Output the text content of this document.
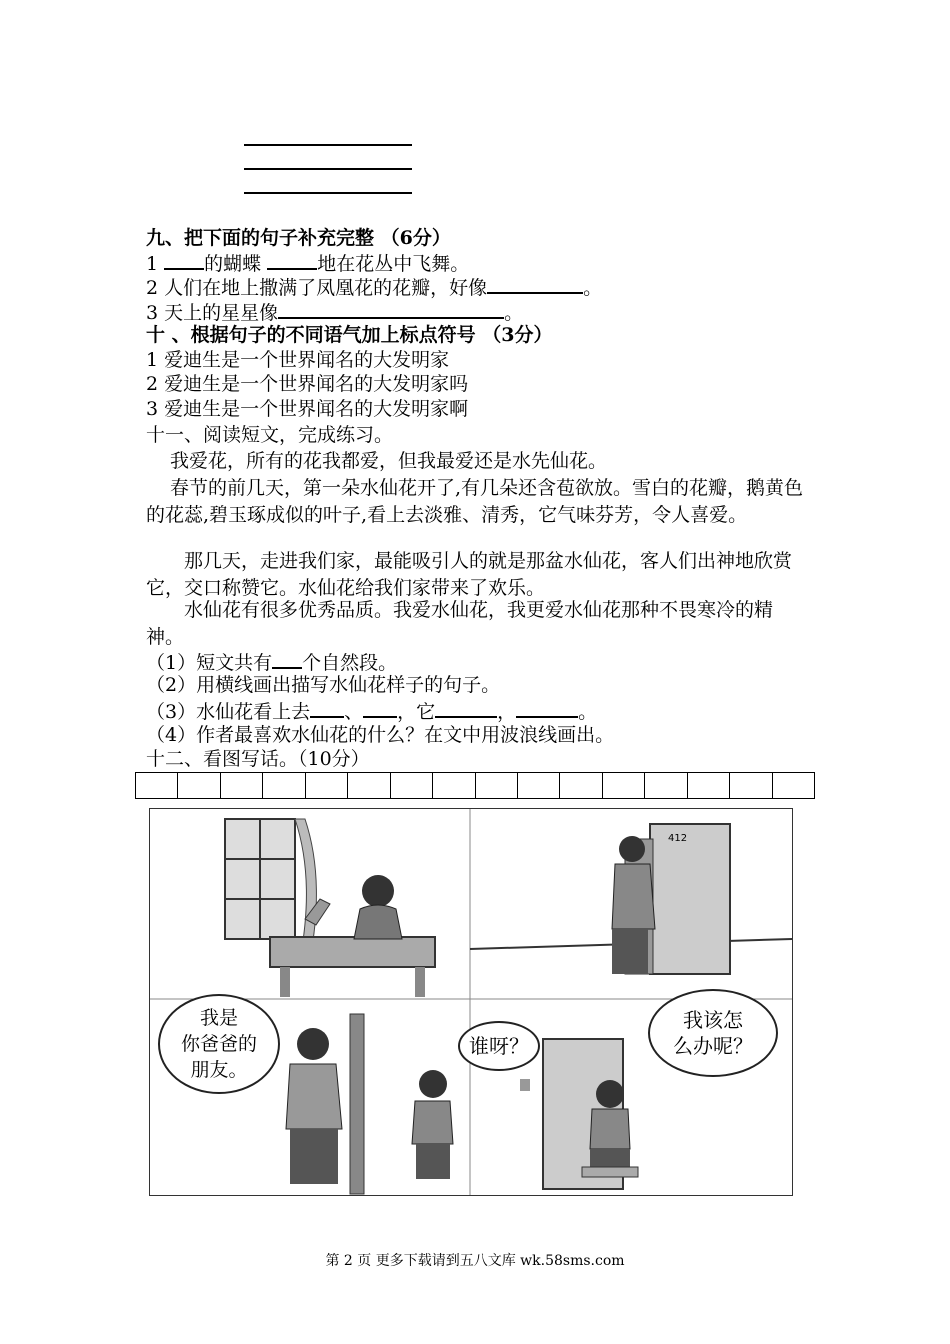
九、把下面的句子补充完整 （6分）
1 的蝴蝶	地在花丛中飞舞。
2 人们在地上撒满了凤凰花的花瓣，好像	。
3 天上的星星像	。
十 、根据句子的不同语气加上标点符号 （3分）
1 爱迪生是一个世界闻名的大发明家
2 爱迪生是一个世界闻名的大发明家吗
3 爱迪生是一个世界闻名的大发明家啊
十一、阅读短文，完成练习。
我爱花，所有的花我都爱，但我最爱还是水先仙花。
春节的前几天，第一朵水仙花开了,有几朵还含苞欲放。雪白的花瓣，鹅黄色的花蕊,碧玉琢成似的叶子,看上去淡雅、清秀，它气味芬芳，令人喜爱。
那几天，走进我们家，最能吸引人的就是那盆水仙花，客人们出神地欣赏它，交口称赞它。水仙花给我们家带来了欢乐。
水仙花有很多优秀品质。我爱水仙花，我更爱水仙花那种不畏寒冷的精神。
（1）短文共有 个自然段。
（2）用横线画出描写水仙花样子的句子。
（3）水仙花看上去 、 ，它	，	。
（4）作者最喜欢水仙花的什么？在文中用波浪线画出。
十二、看图写话。（10分）
412
我是
你爸爸的
朋友。
谁呀？
我该怎
么办呢？
第 2 页 更多下载请到五八文库 wk.58sms.com
